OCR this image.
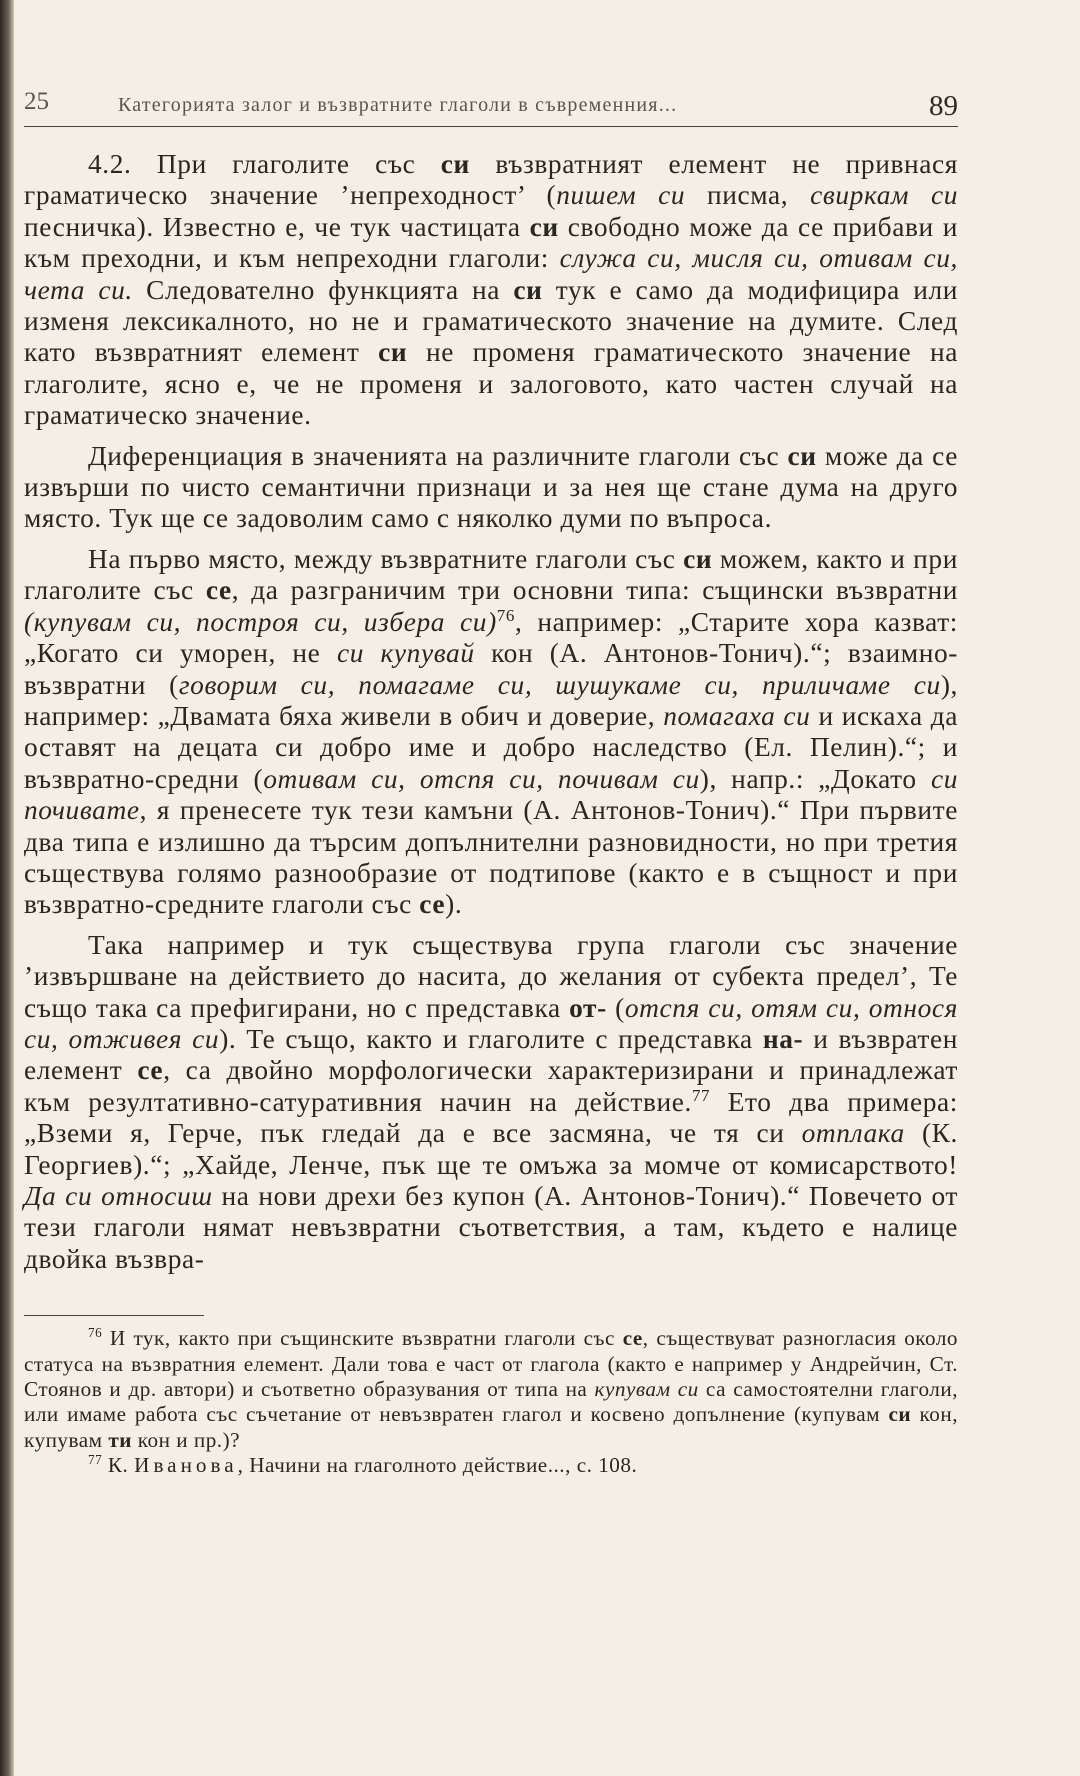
25	Категорията залог и възвратните глаголи в съвременния...	89

4.2. При глаголите със си възвратният елемент не привнася граматическо значение ’непреходност’ (пишем си писма, свиркам си песничка). Известно е, че тук частицата си свободно може да се прибави и към преходни, и към непреходни глаголи: служа си, мисля си, отивам си, чета си. Следователно функцията на си тук е само да модифицира или изменя лексикалното, но не и граматическото значение на думите. След като възвратният елемент си не променя граматическото значение на глаголите, ясно е, че не променя и залоговото, като частен случай на граматическо значение.

Диференциация в значенията на различните глаголи със си може да се извърши по чисто семантични признаци и за нея ще стане дума на друго място. Тук ще се задоволим само с няколко думи по въпроса.

На първо място, между възвратните глаголи със си можем, както и при глаголите със се, да разграничим три основни типа: същински възвратни (купувам си, построя си, избера си)$^{76}$, например: „Старите хора казват: „Когато си уморен, не си купувай кон (А. Антонов-Тонич).“; взаимно-възвратни (говорим си, помагаме си, шушукаме си, приличаме си), например: „Двамата бяха живели в обич и доверие, помагаха си и искаха да оставят на децата си добро име и добро наследство (Ел. Пелин).“; и възвратно-средни (отивам си, отспя си, почивам си), напр.: „Докато си почивате, я пренесете тук тези камъни (А. Антонов-Тонич).“ При първите два типа е излишно да търсим допълнителни разновидности, но при третия съществува голямо разнообразие от подтипове (както е в същност и при възвратно-средните глаголи със се).

Така например и тук съществува група глаголи със значение ’извършване на действието до насита, до желания от субекта предел’, Те също така са префигирани, но с представка от- (отспя си, отям си, относя си, отживея си). Те също, както и глаголите с представка на- и възвратен елемент се, са двойно морфологически характеризирани и принадлежат към резултативно-сатуративния начин на действие.$^{77}$ Ето два примера: „Вземи я, Герче, пък гледай да е все засмяна, че тя си отплака (К. Георгиев).“; „Хайде, Ленче, пък ще те омъжа за момче от комисарството! Да си относиш на нови дрехи без купон (А. Антонов-Тонич).“ Повечето от тези глаголи нямат невъзвратни съответствия, а там, където е налице двойка възвра-

$^{76}$ И тук, както при същинските възвратни глаголи със се, съществуват разногласия около статуса на възвратния елемент. Дали това е част от глагола (както е например у Андрейчин, Ст. Стоянов и др. автори) и съответно образувания от типа на купувам си са самостоятелни глаголи, или имаме работа със съчетание от невъзвратен глагол и косвено допълнение (купувам си кон, купувам ти кон и пр.)?

$^{77}$ К. Иванова, Начини на глаголното действие..., с. 108.
